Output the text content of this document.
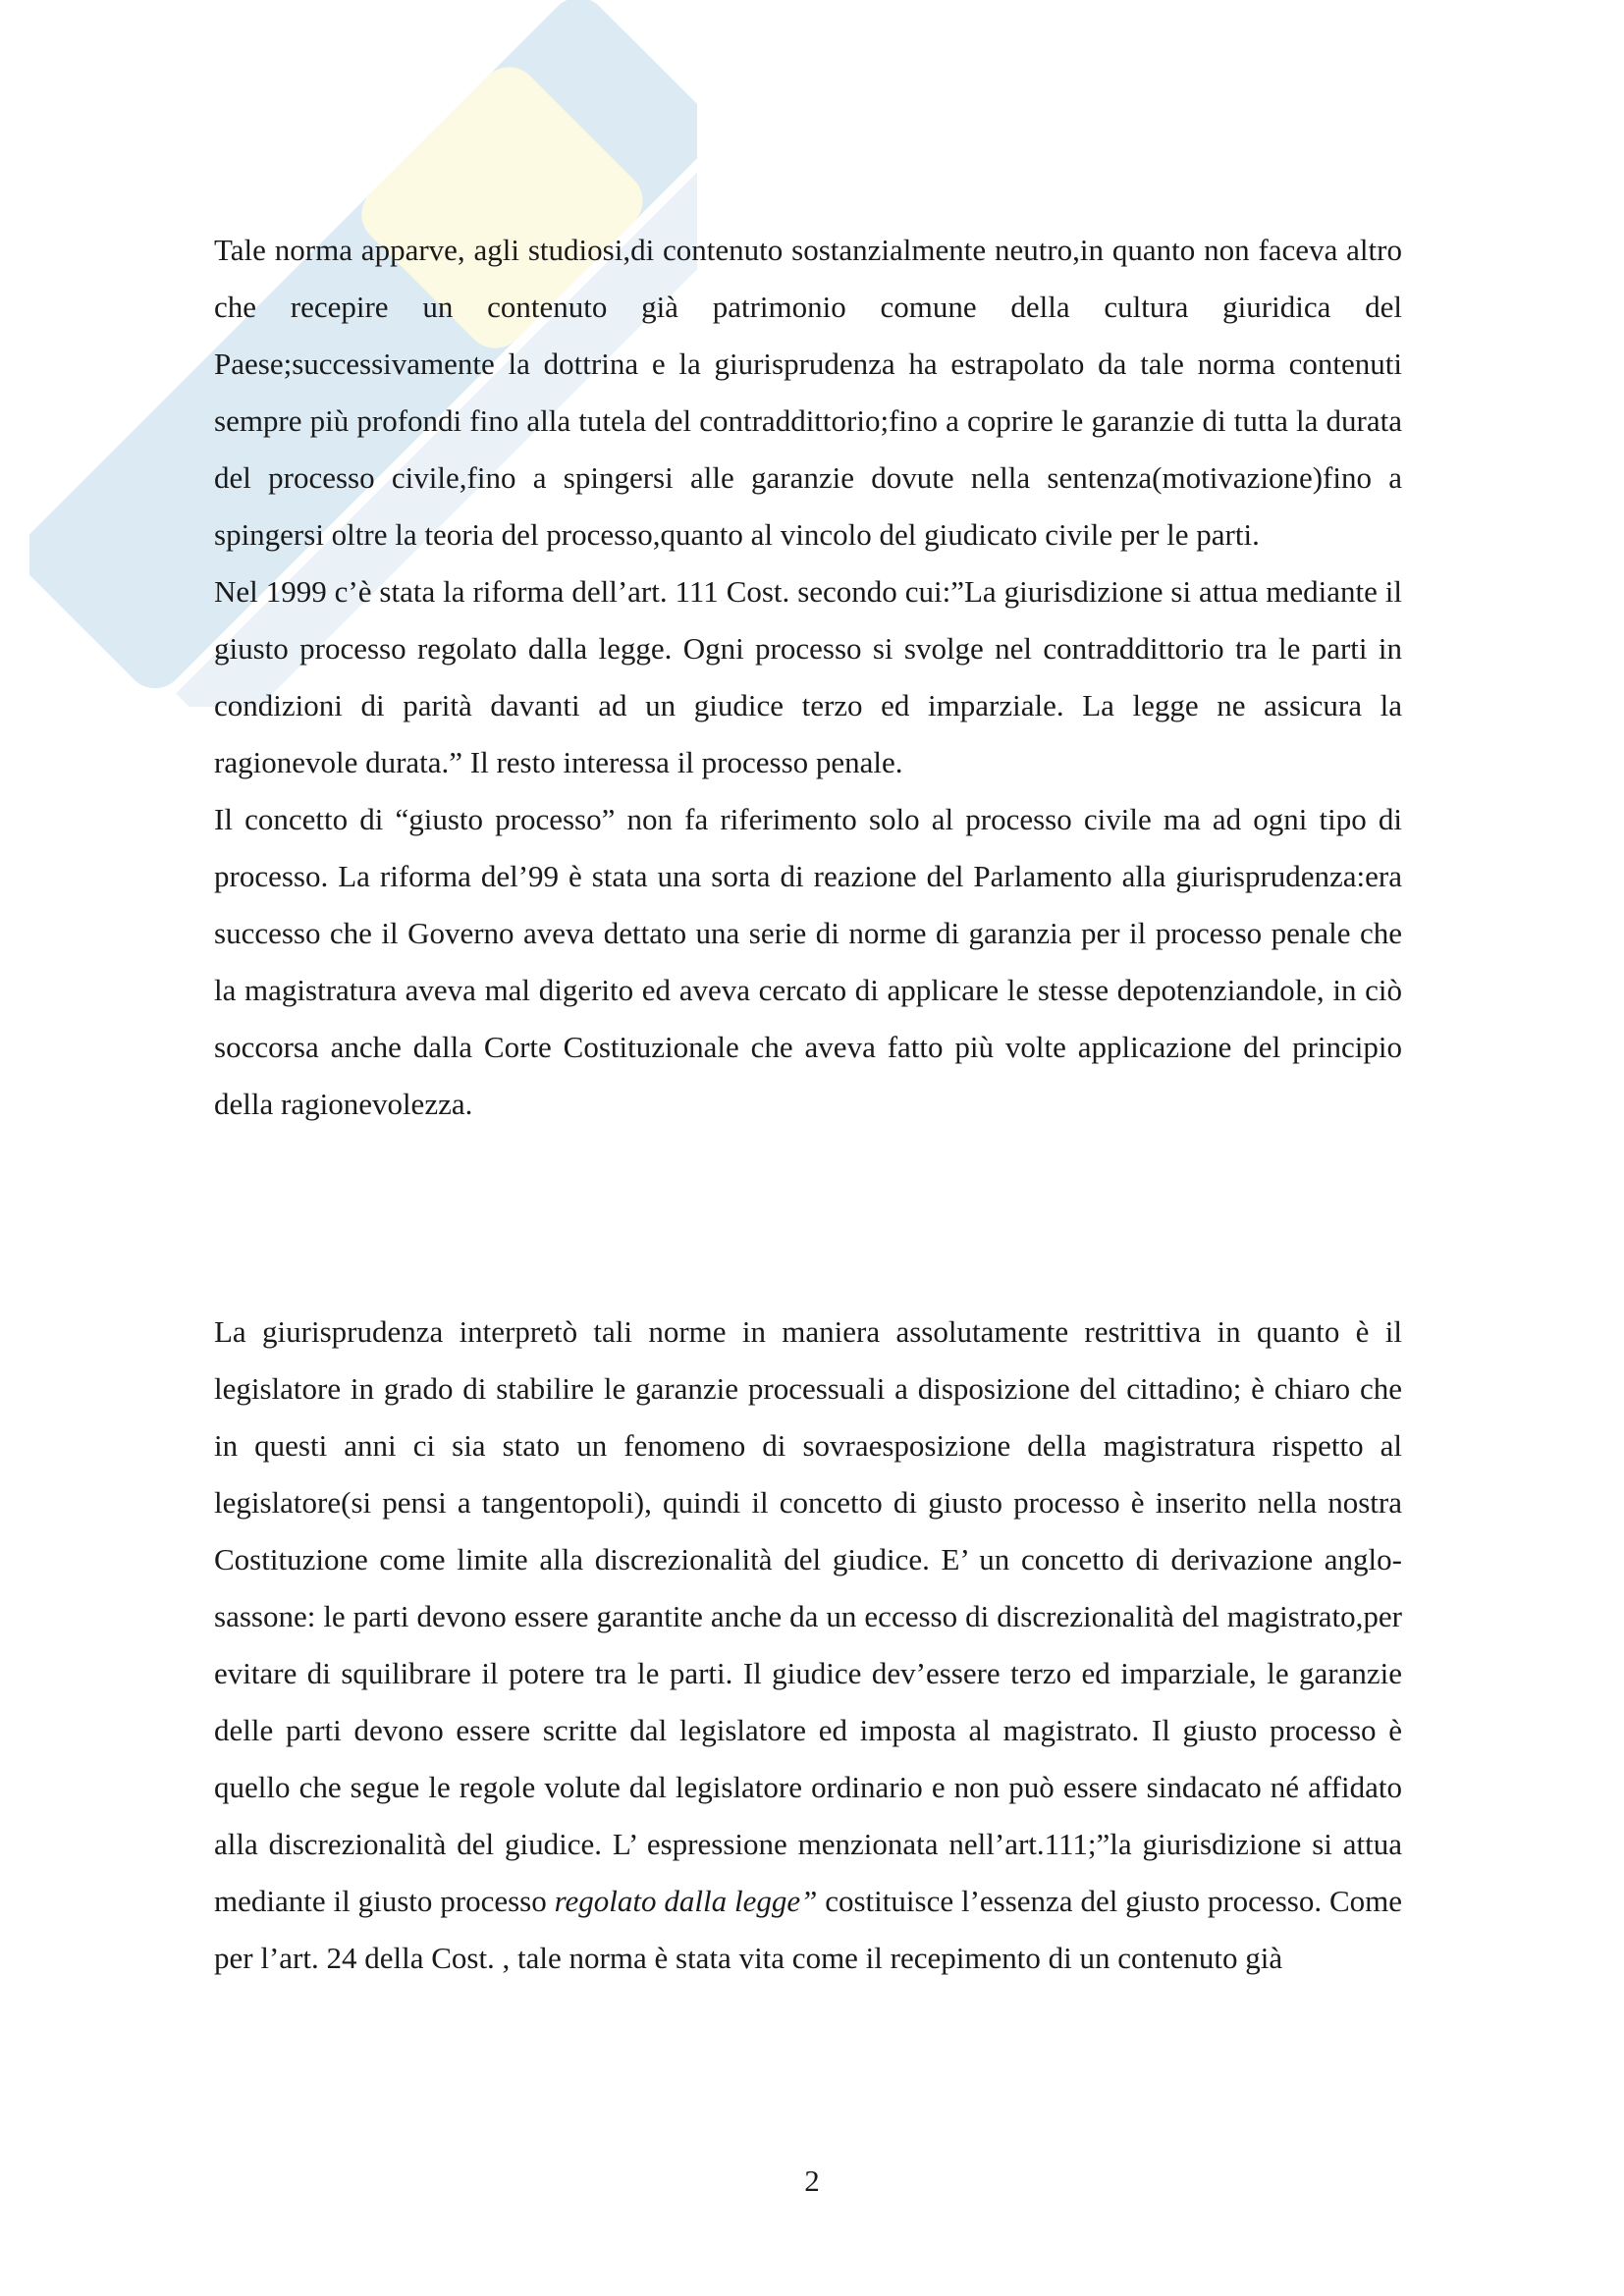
Tale norma apparve, agli studiosi,di contenuto sostanzialmente neutro,in quanto non faceva altro che recepire un contenuto già patrimonio comune della cultura giuridica del Paese;successivamente la dottrina e la giurisprudenza ha estrapolato da tale norma contenuti sempre più profondi fino alla tutela del contraddittorio;fino a coprire le garanzie di tutta la durata del processo civile,fino a spingersi alle garanzie dovute nella sentenza(motivazione)fino a spingersi oltre la teoria del processo,quanto al vincolo del giudicato civile per le parti.

Nel 1999 c’è stata la riforma dell’art. 111 Cost. secondo cui:”La giurisdizione si attua mediante il giusto processo regolato dalla legge. Ogni processo si svolge nel contraddittorio tra le parti in condizioni di parità davanti ad un giudice terzo ed imparziale. La legge ne assicura la ragionevole durata.” Il resto interessa il processo penale.

Il concetto di “giusto processo” non fa riferimento solo al processo civile ma ad ogni tipo di processo. La riforma del’99 è stata una sorta di reazione del Parlamento alla giurisprudenza:era successo che il Governo aveva dettato una serie di norme di garanzia per il processo penale che la magistratura aveva mal digerito ed aveva cercato di applicare le stesse depotenziandole, in ciò soccorsa anche dalla Corte Costituzionale che aveva fatto più volte applicazione del principio della ragionevolezza.

La giurisprudenza interpretò tali norme in maniera assolutamente restrittiva in quanto è il legislatore in grado di stabilire le garanzie processuali a disposizione del cittadino; è chiaro che in questi anni ci sia stato un fenomeno di sovraesposizione della magistratura rispetto al legislatore(si pensi a tangentopoli), quindi il concetto di giusto processo è inserito nella nostra Costituzione come limite alla discrezionalità del giudice. E’ un concetto di derivazione anglo-sassone: le parti devono essere garantite anche da un eccesso di discrezionalità del magistrato,per evitare di squilibrare il potere tra le parti. Il giudice dev’essere terzo ed imparziale, le garanzie delle parti devono essere scritte dal legislatore ed imposta al magistrato. Il giusto processo è quello che segue le regole volute dal legislatore ordinario e non può essere sindacato né affidato alla discrezionalità del giudice. L’ espressione menzionata nell’art.111;”la giurisdizione si attua mediante il giusto processo regolato dalla legge” costituisce l’essenza del giusto processo. Come per l’art. 24 della Cost. , tale norma è stata vita come il recepimento di un contenuto già

2
